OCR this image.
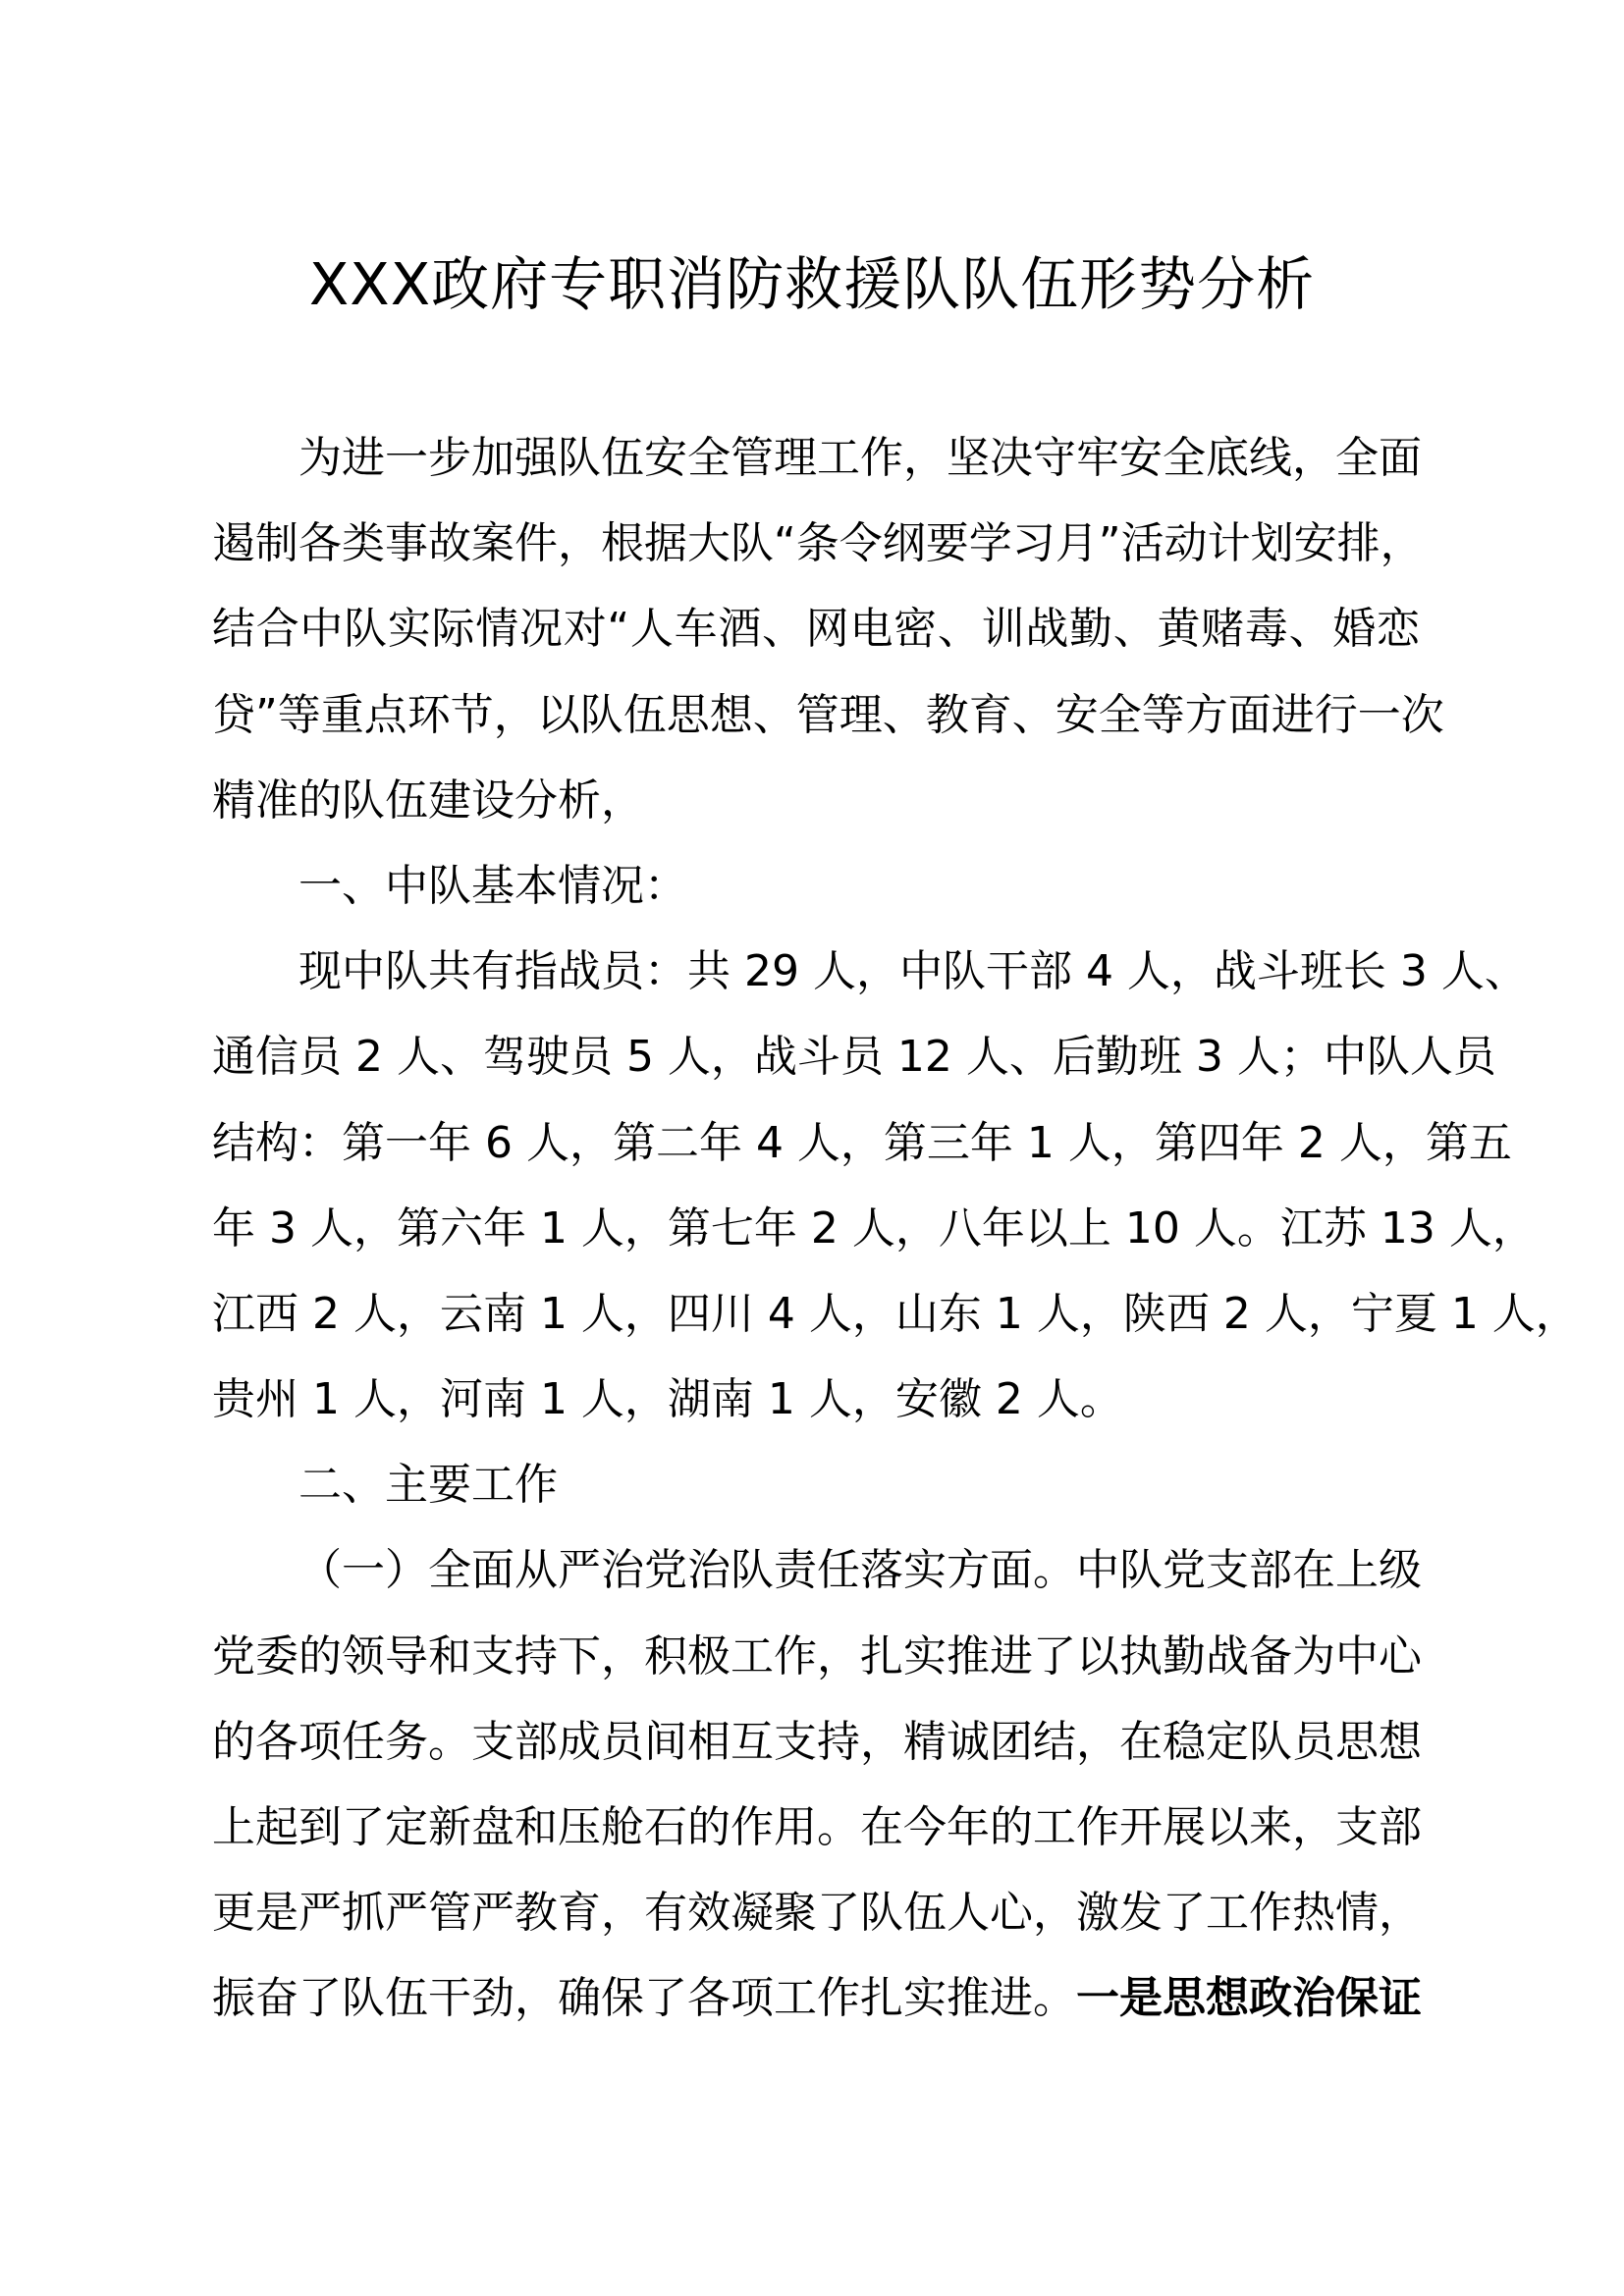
XXX政府专职消防救援队队伍形势分析
为进一步加强队伍安全管理工作，坚决守牢安全底线，全面
遏制各类事故案件，根据大队“条令纲要学习月”活动计划安排，
结合中队实际情况对“人车酒、网电密、训战勤、黄赌毒、婚恋
贷”等重点环节，以队伍思想、管理、教育、安全等方面进行一次
精准的队伍建设分析，
一、中队基本情况：
现中队共有指战员：共 29 人，中队干部 4 人，战斗班长 3 人、
通信员 2 人、驾驶员 5 人，战斗员 12 人、后勤班 3 人；中队人员
结构：第一年 6 人，第二年 4 人，第三年 1 人，第四年 2 人，第五
年 3 人，第六年 1 人，第七年 2 人，八年以上 10 人。江苏 13 人，
江西 2 人，云南 1 人，四川 4 人，山东 1 人，陕西 2 人，宁夏 1 人，
贵州 1 人，河南 1 人，湖南 1 人，安徽 2 人。
二、主要工作
（一）全面从严治党治队责任落实方面。中队党支部在上级
党委的领导和支持下，积极工作，扎实推进了以执勤战备为中心
的各项任务。支部成员间相互支持，精诚团结，在稳定队员思想
上起到了定新盘和压舱石的作用。在今年的工作开展以来，支部
更是严抓严管严教育，有效凝聚了队伍人心，激发了工作热情，
振奋了队伍干劲，确保了各项工作扎实推进。一是思想政治保证
